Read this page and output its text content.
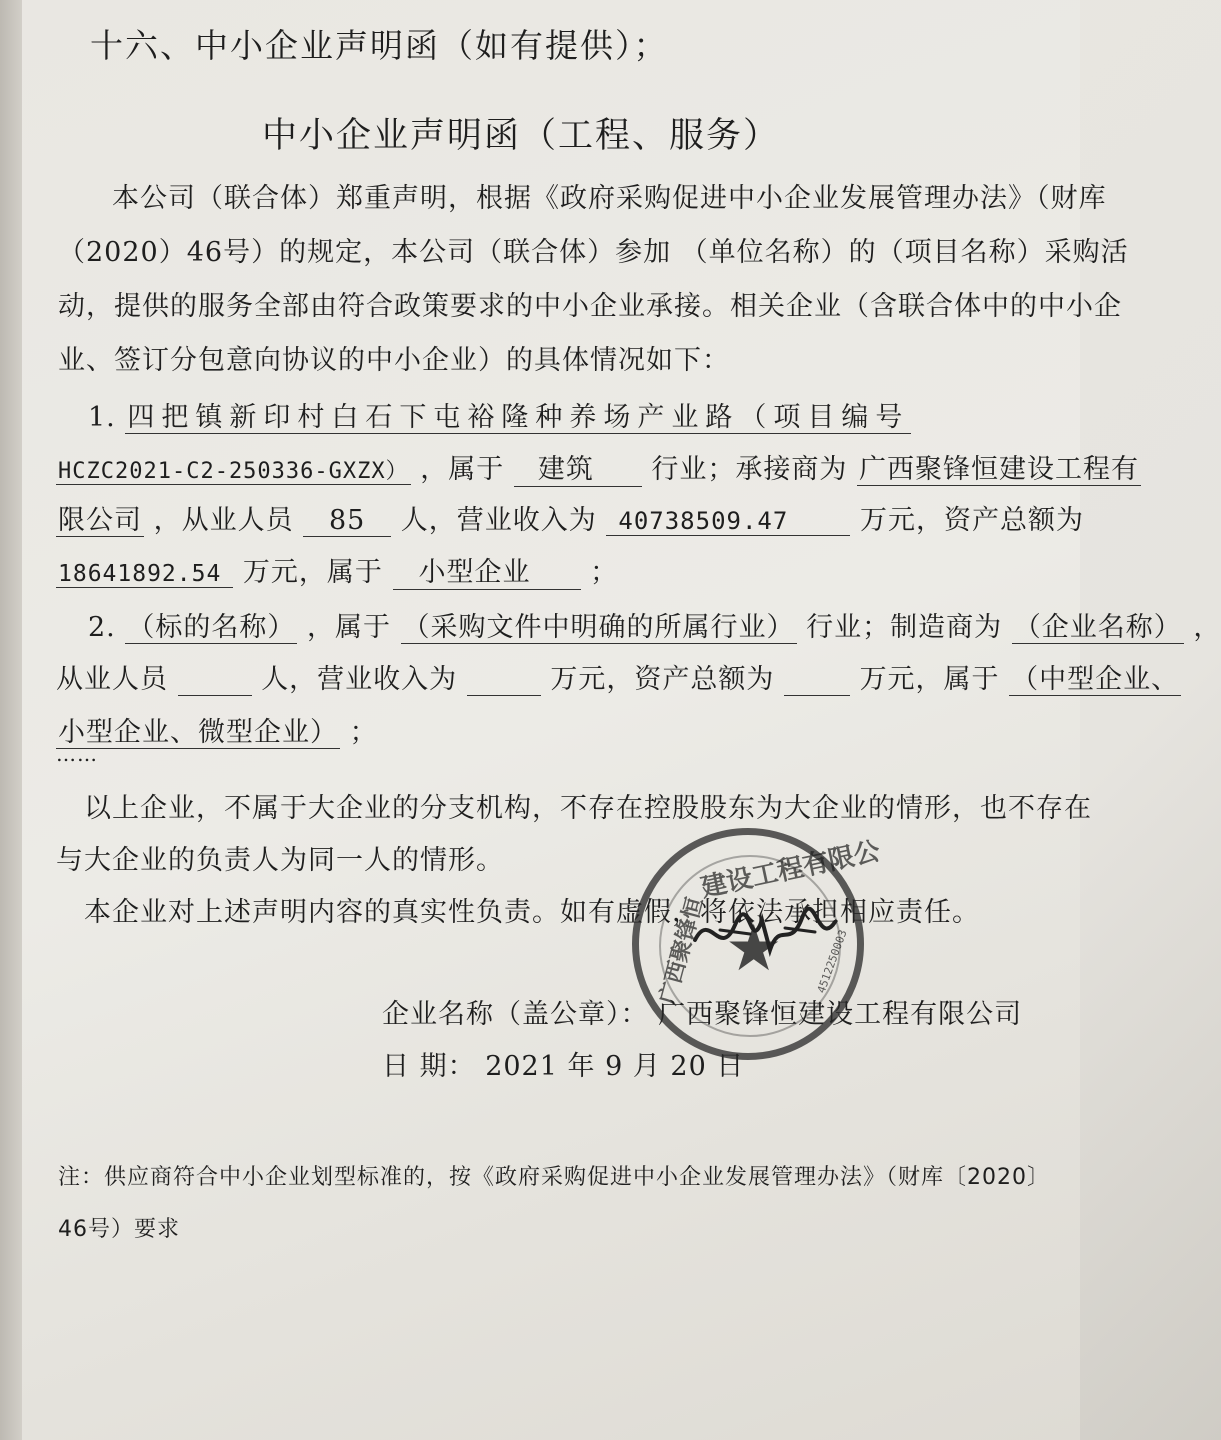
十六、中小企业声明函（如有提供）；
中小企业声明函（工程、服务）
本公司（联合体）郑重声明，根据《政府采购促进中小企业发展管理办法》（财库
（2020）46号）的规定，本公司（联合体）参加 （单位名称）的（项目名称）采购活
动，提供的服务全部由符合政策要求的中小企业承接。相关企业（含联合体中的中小企
业、签订分包意向协议的中小企业）的具体情况如下：
1. 四把镇新印村白石下屯裕隆种养场产业路（项目编号
HCZC2021-C2-250336-GXZX） ，属于 建筑 行业；承接商为 广西聚锋恒建设工程有
限公司 ，从业人员 85 人，营业收入为 40738509.47	万元，资产总额为
18641892.54 万元，属于 小型企业 ；
2. （标的名称） ，属于 （采购文件中明确的所属行业） 行业；制造商为 （企业名称） ，
从业人员	人，营业收入为	万元，资产总额为	万元，属于 （中型企业、
小型企业、微型企业） ；
……
以上企业，不属于大企业的分支机构，不存在控股股东为大企业的情形，也不存在
与大企业的负责人为同一人的情形。
本企业对上述声明内容的真实性负责。如有虚假，将依法承担相应责任。
企业名称（盖公章）： 广西聚锋恒建设工程有限公司
日 期： 2021 年 9 月 20 日
建设工程有限公
广西聚锋恒 ★	4512250003
注：供应商符合中小企业划型标准的，按《政府采购促进中小企业发展管理办法》（财库〔2020〕
46号）要求
